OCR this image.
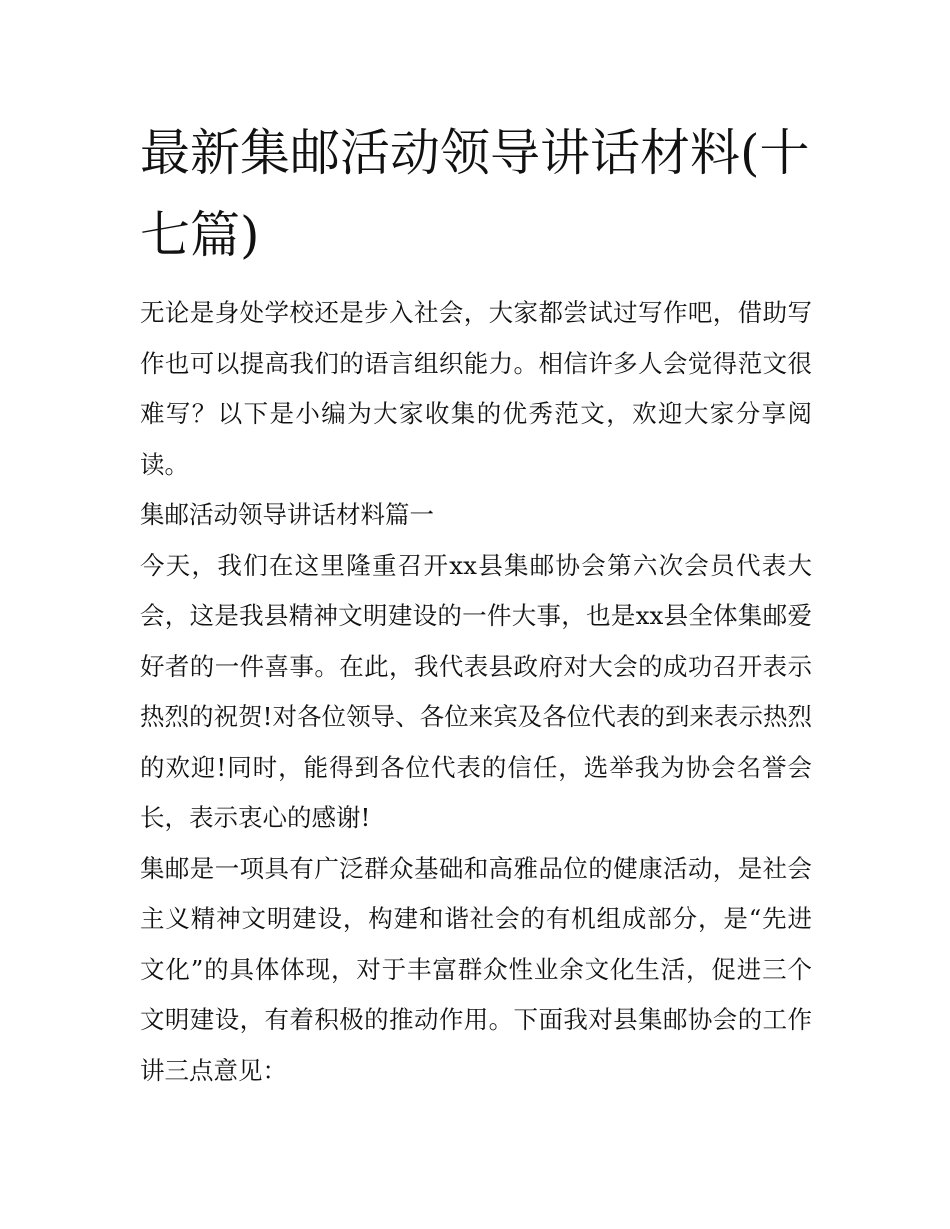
最新集邮活动领导讲话材料(十七篇)

无论是身处学校还是步入社会，大家都尝试过写作吧，借助写作也可以提高我们的语言组织能力。相信许多人会觉得范文很难写？以下是小编为大家收集的优秀范文，欢迎大家分享阅读。

集邮活动领导讲话材料篇一

今天，我们在这里隆重召开xx县集邮协会第六次会员代表大会，这是我县精神文明建设的一件大事，也是xx县全体集邮爱好者的一件喜事。在此，我代表县政府对大会的成功召开表示热烈的祝贺!对各位领导、各位来宾及各位代表的到来表示热烈的欢迎!同时，能得到各位代表的信任，选举我为协会名誉会长，表示衷心的感谢!

集邮是一项具有广泛群众基础和高雅品位的健康活动，是社会主义精神文明建设，构建和谐社会的有机组成部分，是“先进文化”的具体体现，对于丰富群众性业余文化生活，促进三个文明建设，有着积极的推动作用。下面我对县集邮协会的工作讲三点意见：
